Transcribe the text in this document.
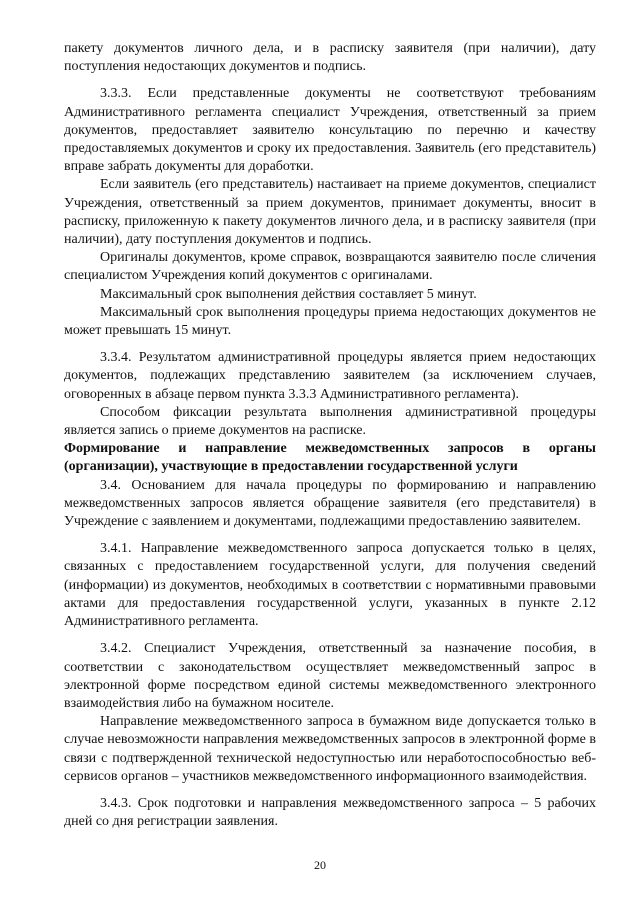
пакету документов личного дела, и в расписку заявителя (при наличии), дату поступления недостающих документов и подпись.

3.3.3. Если представленные документы не соответствуют требованиям Административного регламента специалист Учреждения, ответственный за прием документов, предоставляет заявителю консультацию по перечню и качеству предоставляемых документов и сроку их предоставления. Заявитель (его представитель) вправе забрать документы для доработки.

Если заявитель (его представитель) настаивает на приеме документов, специалист Учреждения, ответственный за прием документов, принимает документы, вносит в расписку, приложенную к пакету документов личного дела, и в расписку заявителя (при наличии), дату поступления документов и подпись.

Оригиналы документов, кроме справок, возвращаются заявителю после сличения специалистом Учреждения копий документов с оригиналами.

Максимальный срок выполнения действия составляет 5 минут.

Максимальный срок выполнения процедуры приема недостающих документов не может превышать 15 минут.

3.3.4. Результатом административной процедуры является прием недостающих документов, подлежащих представлению заявителем (за исключением случаев, оговоренных в абзаце первом пункта 3.3.3 Административного регламента).

Способом фиксации результата выполнения административной процедуры является запись о приеме документов на расписке.

Формирование и направление межведомственных запросов в органы (организации), участвующие в предоставлении государственной услуги

3.4. Основанием для начала процедуры по формированию и направлению межведомственных запросов является обращение заявителя (его представителя) в Учреждение с заявлением и документами, подлежащими предоставлению заявителем.

3.4.1. Направление межведомственного запроса допускается только в целях, связанных с предоставлением государственной услуги, для получения сведений (информации) из документов, необходимых в соответствии с нормативными правовыми актами для предоставления государственной услуги, указанных в пункте 2.12 Административного регламента.

3.4.2. Специалист Учреждения, ответственный за назначение пособия, в соответствии с законодательством осуществляет межведомственный запрос в электронной форме посредством единой системы межведомственного электронного взаимодействия либо на бумажном носителе.

Направление межведомственного запроса в бумажном виде допускается только в случае невозможности направления межведомственных запросов в электронной форме в связи с подтвержденной технической недоступностью или неработоспособностью веб-сервисов органов – участников межведомственного информационного взаимодействия.

3.4.3. Срок подготовки и направления межведомственного запроса – 5 рабочих дней со дня регистрации заявления.

20
